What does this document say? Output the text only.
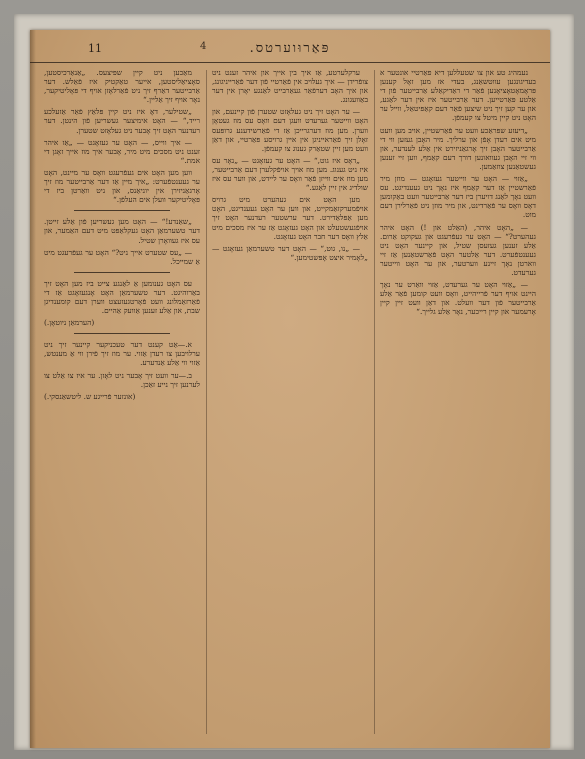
11	4	פּאַרוּוערטס.

נעמהיג טע און צו שטעללען דיא פאַרטיי אונטער א בעדיגונגען עווטשאַנג, בעדי אז מען זאָל קענען פּראָמאָטאָציאָנען פֿאַר די ראַדיקאַלע אַרבייטער פֿון די אַלטע פּאַרטייען. דער אַרבייטער איז אין דער לאַגע, און ער קען זיך ניט שיצען פֿאַר דעם קאַפּיטאַל, ווייל ער האָט ניט קיין מיטל צו קעמפֿן.

„דיעזע שפּראַכע וועט ער פֿאַרשטיין, אויב מען וועט מיט אים רעדן אָפֿן און ערליך. מיר האָבן געזען ווי די אַרבייטער האָבן זיך אָרגאַניזירט אין אַלע לענדער, און ווי זיי האָבן געוואונען דורך דעם קאַמף, ווען זיי זענען געשטאַנען צוזאַמען.

„אַזוי — האָט ער ווייטער געזאָגט — מוזן מיר פֿאַרשטיין אַז דער קאַמף איז נאָך ניט געענדיגט. עס וועט נאָך לאַנג דויערן ביז דער אַרבייטער וועט באַקומען דאָס וואָס ער פֿאַרדינט, און מיר מוזן ניט פֿאַרלירן דעם מוט.

— „האָט איהר, (האַלט און !) האָט איהר געהערט?“ — האָט ער געפֿרעגט און געקוקט אַרום. אַלע זענען געזעסן שטיל, און קיינער האָט ניט געענטפֿערט. דער אַלטער האָט פֿאַרשטאַנען אַז זיי ווארטן נאָך זיינע ווערטער, און ער האָט ווייטער גערעדט.

— „אַזוי האָט ער גערעדט, אַזוי וואַרט ער נאָך היינט אויף דער פֿרייהייט, וואָס וועט קומען פֿאַר אַלע אַרבייטער פֿון דער וועלט. און דאַן וועט זיין קיין אָרעמער און קיין רייכער, נאָר אַלע גלייך.“

ערקלערטע, אַז איך בין אייך און איהר זענט ניט צופֿרידן — איך געלויב אין פֿאַרטיי פֿון דער פֿאַרייניגונג, און איך האָב דערפֿאַר געאַרבייט לאַנגע יאָרן אין דער באַוועגונג.

— ער האָט זיך ניט געלאָזט שטערן פֿון קיינעם, און האָט ווייטער גערעדט וועגן דעם וואָס עס מוז געטאָן ווערן. מען מוז דערגרייכן אַז די פֿאַרשידענע גרופּעס זאָלן זיך פֿאַראייניגן אין איין גרויסע פּאַרטיי, און דאַן וועט מען זיין שטאַרק גענוג צו קעמפֿן.

„דאָס איז גוט,“ — האָט ער געזאָגט — „נאָר עס איז ניט גענוג. מען מוז אויך אויפֿקלערן דעם אַרבייטער, מען מוז אים ווייזן פֿאַר וואָס ער ליידט, און ווער עס איז שולדיג אין זיין לאַגע.“

מען האָט אים געהערט מיט גרויס אויפֿמערקזאַמקייט, און ווען ער האָט געענדיגט, האָט מען אַפּלאַדירט. דער ערשטער רעדנער האָט זיך אויפֿגעשטעלט און האָט געזאָגט אַז ער איז מסכים מיט אַלץ וואָס דער חבר האָט געזאָגט.

— „נו, גוט,“ — האָט דער טשערמאַן געזאָגט — „לאָמיר איצט אָפּשטימען.“

מאַכען ניט קיין שפּיצעס. „אַנאַרכיסטען, סאָציאַליסטען, אייער טאַקטיק איז פֿאַלש. דער אַרבייטער דאַרף זיך ניט פֿאַרלאָזן אויף די פּאָליטיקער, נאָר אויף זיך אַליין.“

„שטילער, דאָ איז ניט קיין פּלאַץ פֿאַר אַזעלכע רייד,“ — האָט אימיצער געשריען פֿון הינטן. דער רעדנער האָט זיך אָבער ניט געלאָזט שטערן.

— איך ווייס, — האָט ער געזאָגט — „אַז איהר זענט ניט מסכים מיט מיר, אָבער איך מוז אייך זאָגן די אמת.“

ווען מען האָט אים געפֿרעגט וואָס ער מיינט, האָט ער געענטפֿערט: „איך מיין אַז דער אַרבייטער מוז זיך אָרגאַניזירן אין יוניאַנס, און ניט וואַרטן ביז די פּאָליטיקער וועלן אים העלפֿן.“

„שאַנדע!“ — האָט מען געשריען פֿון אַלע זייטן. דער טשערמאַן האָט געקלאַפּט מיט דעם האַמער, און עס איז געוואָרן שטיל.

— „עס שטערט אייך ניט?“ האָט ער געפֿרעגט מיט אַ שמייכל.

עס האָט גענומען אַ לאַנגע צייט ביז מען האָט זיך באַרוהיגט. דער טשערמאַן האָט אָנגעזאָגט אַז די פֿאַרזאַמלונג וועט פֿאָרטגעזעצט ווערן דעם קומענדיגן שבת, און אַלע זענען אַוועק אַהיים.

(הערמאַן ניוטאָן.)

א.—אַט קענט דער טעכניקער קיינער זיך ניט ערלויבען צו רעדן אַזוי. ער מוז זיך פֿירן ווי אַ מענטש, אַזוי ווי אַלע אַנדערע.

ב.—ער וועט זיך אָבער ניט לאָזן. ער איז צו אַלט צו לערנען זיך נייע זאַכן.

(אונזער פֿרייגע ש. ליטשאַנסקי.)
